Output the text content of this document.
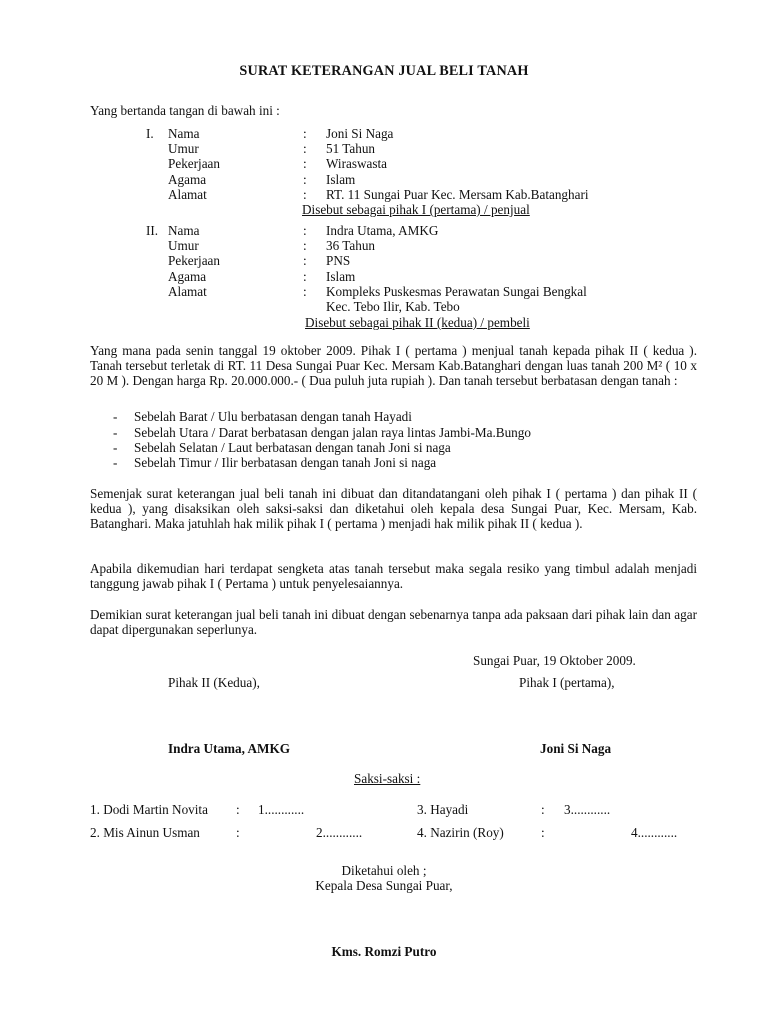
SURAT KETERANGAN JUAL BELI TANAH
Yang bertanda tangan di bawah ini :
I. Nama	: Joni Si Naga
Umur	: 51 Tahun
Pekerjaan	: Wiraswasta
Agama	: Islam
Alamat	: RT. 11 Sungai Puar Kec. Mersam Kab.Batanghari
Disebut sebagai pihak I (pertama) / penjual
II. Nama	: Indra Utama, AMKG
Umur	: 36 Tahun
Pekerjaan	: PNS
Agama	: Islam
Alamat	: Kompleks Puskesmas Perawatan Sungai Bengkal
Kec. Tebo Ilir, Kab. Tebo
Disebut sebagai pihak II (kedua) / pembeli
Yang mana pada senin tanggal 19 oktober 2009. Pihak I ( pertama ) menjual tanah kepada pihak II ( kedua ). Tanah tersebut terletak di RT. 11 Desa Sungai Puar Kec. Mersam Kab.Batanghari dengan luas tanah 200 M² ( 10 x 20 M ). Dengan harga Rp. 20.000.000.- ( Dua puluh juta rupiah ). Dan tanah tersebut berbatasan dengan tanah :
- Sebelah Barat / Ulu berbatasan dengan tanah Hayadi
- Sebelah Utara / Darat berbatasan dengan jalan raya lintas Jambi-Ma.Bungo
- Sebelah Selatan / Laut berbatasan dengan tanah Joni si naga
- Sebelah Timur / Ilir berbatasan dengan tanah Joni si naga
Semenjak surat keterangan jual beli tanah ini dibuat dan ditandatangani oleh pihak I ( pertama ) dan pihak II ( kedua ), yang disaksikan oleh saksi-saksi dan diketahui oleh kepala desa Sungai Puar, Kec. Mersam, Kab. Batanghari. Maka jatuhlah hak milik pihak I ( pertama ) menjadi hak milik pihak II ( kedua ).
Apabila dikemudian hari terdapat sengketa atas tanah tersebut maka segala resiko yang timbul adalah menjadi tanggung jawab pihak I ( Pertama ) untuk penyelesaiannya.
Demikian surat keterangan jual beli tanah ini dibuat dengan sebenarnya tanpa ada paksaan dari pihak lain dan agar dapat dipergunakan seperlunya.
Sungai Puar, 19 Oktober 2009.
Pihak II (Kedua),	Pihak I (pertama),
Indra Utama, AMKG	Joni Si Naga
Saksi-saksi :
1. Dodi Martin Novita : 1............
2. Mis Ainun Usman	:	2............
3. Hayadi	: 3............
4. Nazirin (Roy)	:	4............
Diketahui oleh ;
Kepala Desa Sungai Puar,
Kms. Romzi Putro
